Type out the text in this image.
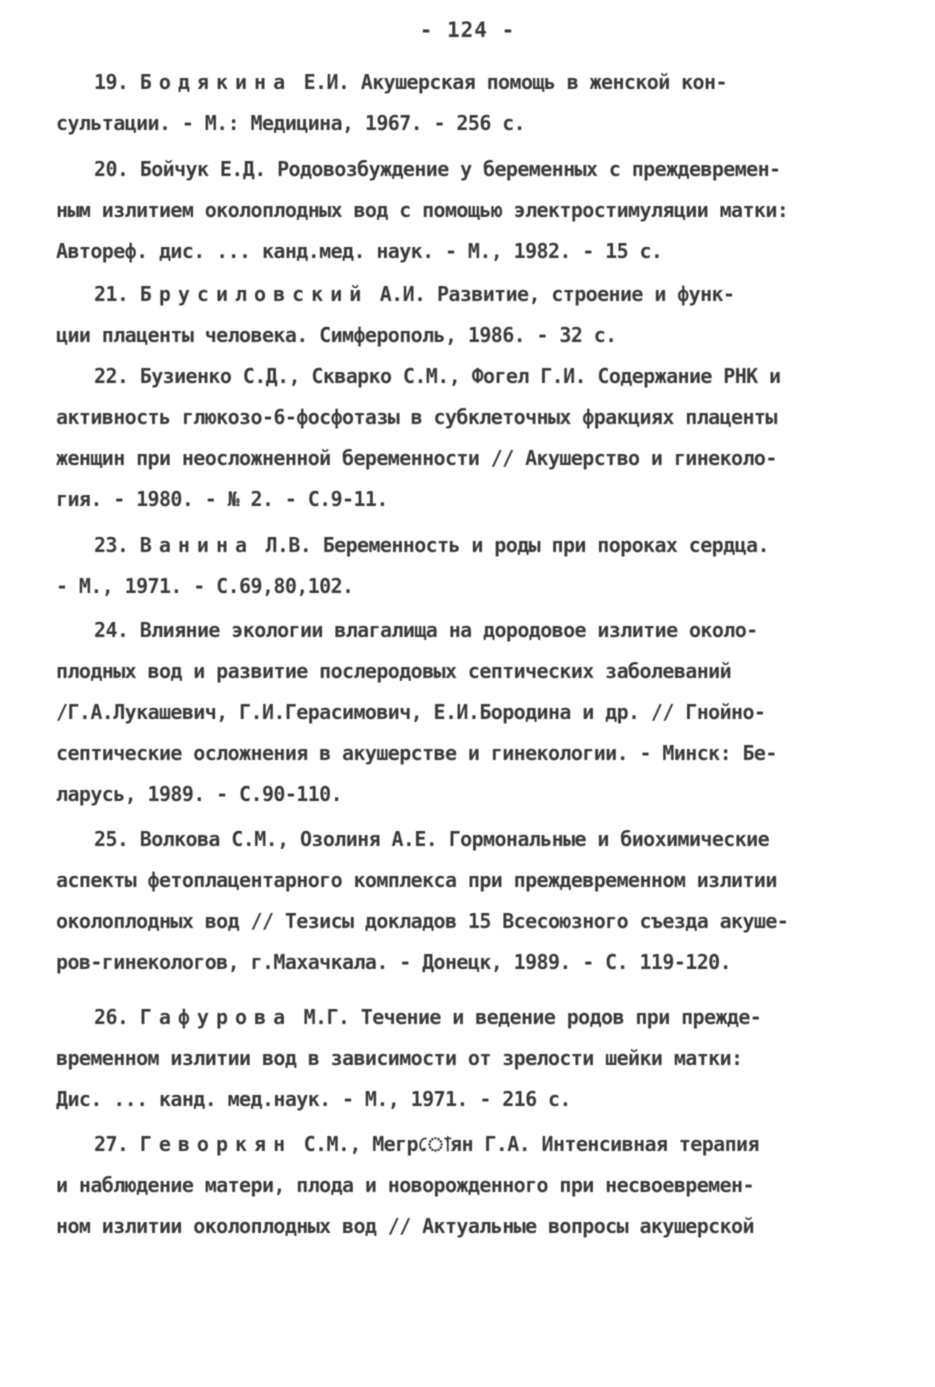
- 124 -
19. Бодякина Е.И. Акушерская помощь в женской кон-
сультации. - М.: Медицина, 1967. - 256 с.
20. Бойчук Е.Д. Родовозбуждение у беременных с преждевремен-
ным излитием околоплодных вод с помощью электростимуляции матки:
Автореф. дис. ... канд.мед. наук. - М., 1982. - 15 с.
21. Брусиловский А.И. Развитие, строение и функ-
ции плаценты человека. Симферополь, 1986. - 32 с.
22. Бузиенко С.Д., Скварко С.М., Фогел Г.И. Содержание РНК и
активность глюкозо-6-фосфотазы в субклеточных фракциях плаценты
женщин при неосложненной беременности // Акушерство и гинеколо-
гия. - 1980. - № 2. - С.9-11.
23. Ванина Л.В. Беременность и роды при пороках сердца.
- М., 1971. - С.69,80,102.
24. Влияние экологии влагалища на дородовое излитие около-
плодных вод и развитие послеродовых септических заболеваний
/Г.А.Лукашевич, Г.И.Герасимович, Е.И.Бородина и др. // Гнойно-
септические осложнения в акушерстве и гинекологии. - Минск: Бе-
ларусь, 1989. - С.90-110.
25. Волкова С.М., Озолиня А.Е. Гормональные и биохимические
аспекты фетоплацентарного комплекса при преждевременном излитии
околоплодных вод // Тезисы докладов 15 Всесоюзного съезда акуше-
ров-гинекологов, г.Махачкала. - Донецк, 1989. - С. 119-120.
26. Гафурова М.Г. Течение и ведение родов при прежде-
временном излитии вод в зависимости от зрелости шейки матки:
Дис. ... канд. мед.наук. - М., 1971. - 216 с.
27. Геворкян С.М., Мегрোян Г.А. Интенсивная терапия
и наблюдение матери, плода и новорожденного при несвоевремен-
ном излитии околоплодных вод // Актуальные вопросы акушерской
